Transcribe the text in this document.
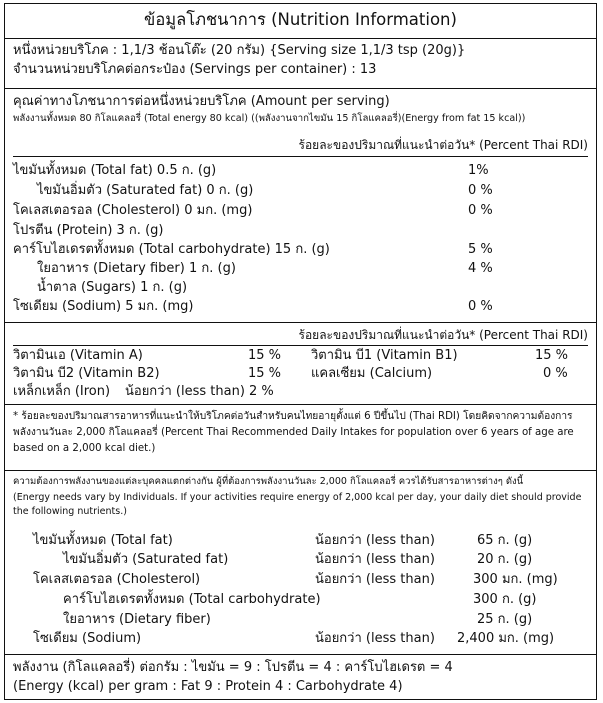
ข้อมูลโภชนาการ (Nutrition Information)
หนึ่งหน่วยบริโภค : 1,1/3 ช้อนโต๊ะ (20 กรัม) {Serving size 1,1/3 tsp (20g)}
จำนวนหน่วยบริโภคต่อกระป๋อง (Servings per container) : 13
คุณค่าทางโภชนาการต่อหนึ่งหน่วยบริโภค (Amount per serving)
พลังงานทั้งหมด 80 กิโลแคลอรี่ (Total energy 80 kcal) ((พลังงานจากไขมัน 15 กิโลแคลอรี่)(Energy from fat 15 kcal))
ร้อยละของปริมาณที่แนะนำต่อวัน* (Percent Thai RDI)
ไขมันทั้งหมด (Total fat) 0.5 ก. (g)	1%
ไขมันอิ่มตัว (Saturated fat) 0 ก. (g)	0 %
โคเลสเตอรอล (Cholesterol) 0 มก. (mg)	0 %
โปรตีน (Protein) 3 ก. (g)
คาร์โบไฮเดรตทั้งหมด (Total carbohydrate) 15 ก. (g)	5 %
ใยอาหาร (Dietary fiber) 1 ก. (g)	4 %
น้ำตาล (Sugars) 1 ก. (g)
โซเดียม (Sodium) 5 มก. (mg)	0 %
ร้อยละของปริมาณที่แนะนำต่อวัน* (Percent Thai RDI)
วิตามินเอ (Vitamin A)	15 % วิตามิน บี1 (Vitamin B1)	15 %
วิตามิน บี2 (Vitamin B2)	15 % แคลเซียม (Calcium)	0 %
เหล็กเหล็ก (Iron) น้อยกว่า (less than) 2 %
* ร้อยละของปริมาณสารอาหารที่แนะนำให้บริโภคต่อวันสำหรับคนไทยอายุตั้งแต่ 6 ปีขึ้นไป (Thai RDI) โดยคิดจากความต้องการพลังงานวันละ 2,000 กิโลแคลอรี่ (Percent Thai Recommended Daily Intakes for population over 6 years of age are based on a 2,000 kcal diet.)
ความต้องการพลังงานของแต่ละบุคคลแตกต่างกัน ผู้ที่ต้องการพลังงานวันละ 2,000 กิโลแคลอรี่ ควรได้รับสารอาหารต่างๆ ดังนี้
(Energy needs vary by Individuals. If your activities require energy of 2,000 kcal per day, your daily diet should provide the following nutrients.)
ไขมันทั้งหมด (Total fat)	น้อยกว่า (less than)	65 ก. (g)
ไขมันอิ่มตัว (Saturated fat)	น้อยกว่า (less than)	20 ก. (g)
โคเลสเตอรอล (Cholesterol)	น้อยกว่า (less than)	300 มก. (mg)
คาร์โบไฮเดรตทั้งหมด (Total carbohydrate)	300 ก. (g)
ใยอาหาร (Dietary fiber)	25 ก. (g)
โซเดียม (Sodium)	น้อยกว่า (less than) 2,400 มก. (mg)
พลังงาน (กิโลแคลอรี่) ต่อกรัม : ไขมัน = 9 : โปรตีน = 4 : คาร์โบไฮเดรต = 4
(Energy (kcal) per gram : Fat 9 : Protein 4 : Carbohydrate 4)
